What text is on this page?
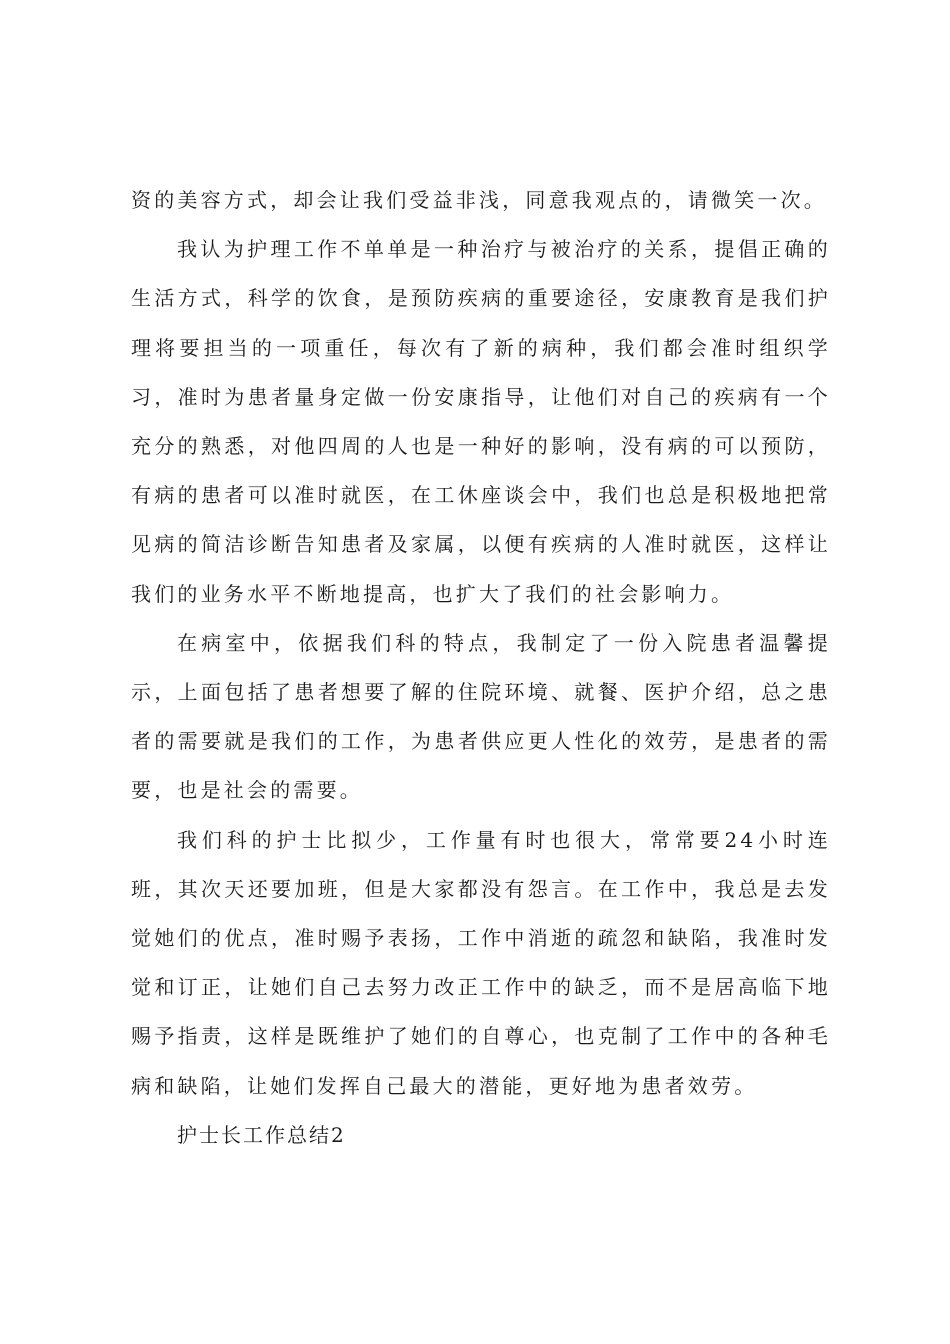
资的美容方式，却会让我们受益非浅，同意我观点的，请微笑一次。

我认为护理工作不单单是一种治疗与被治疗的关系，提倡正确的生活方式，科学的饮食，是预防疾病的重要途径，安康教育是我们护理将要担当的一项重任，每次有了新的病种，我们都会准时组织学习，准时为患者量身定做一份安康指导，让他们对自己的疾病有一个充分的熟悉，对他四周的人也是一种好的影响，没有病的可以预防，有病的患者可以准时就医，在工休座谈会中，我们也总是积极地把常见病的简洁诊断告知患者及家属，以便有疾病的人准时就医，这样让我们的业务水平不断地提高，也扩大了我们的社会影响力。

在病室中，依据我们科的特点，我制定了一份入院患者温馨提示，上面包括了患者想要了解的住院环境、就餐、医护介绍，总之患者的需要就是我们的工作，为患者供应更人性化的效劳，是患者的需要，也是社会的需要。

我们科的护士比拟少，工作量有时也很大，常常要24小时连班，其次天还要加班，但是大家都没有怨言。在工作中，我总是去发觉她们的优点，准时赐予表扬，工作中消逝的疏忽和缺陷，我准时发觉和订正，让她们自己去努力改正工作中的缺乏，而不是居高临下地赐予指责，这样是既维护了她们的自尊心，也克制了工作中的各种毛病和缺陷，让她们发挥自己最大的潜能，更好地为患者效劳。

护士长工作总结2
